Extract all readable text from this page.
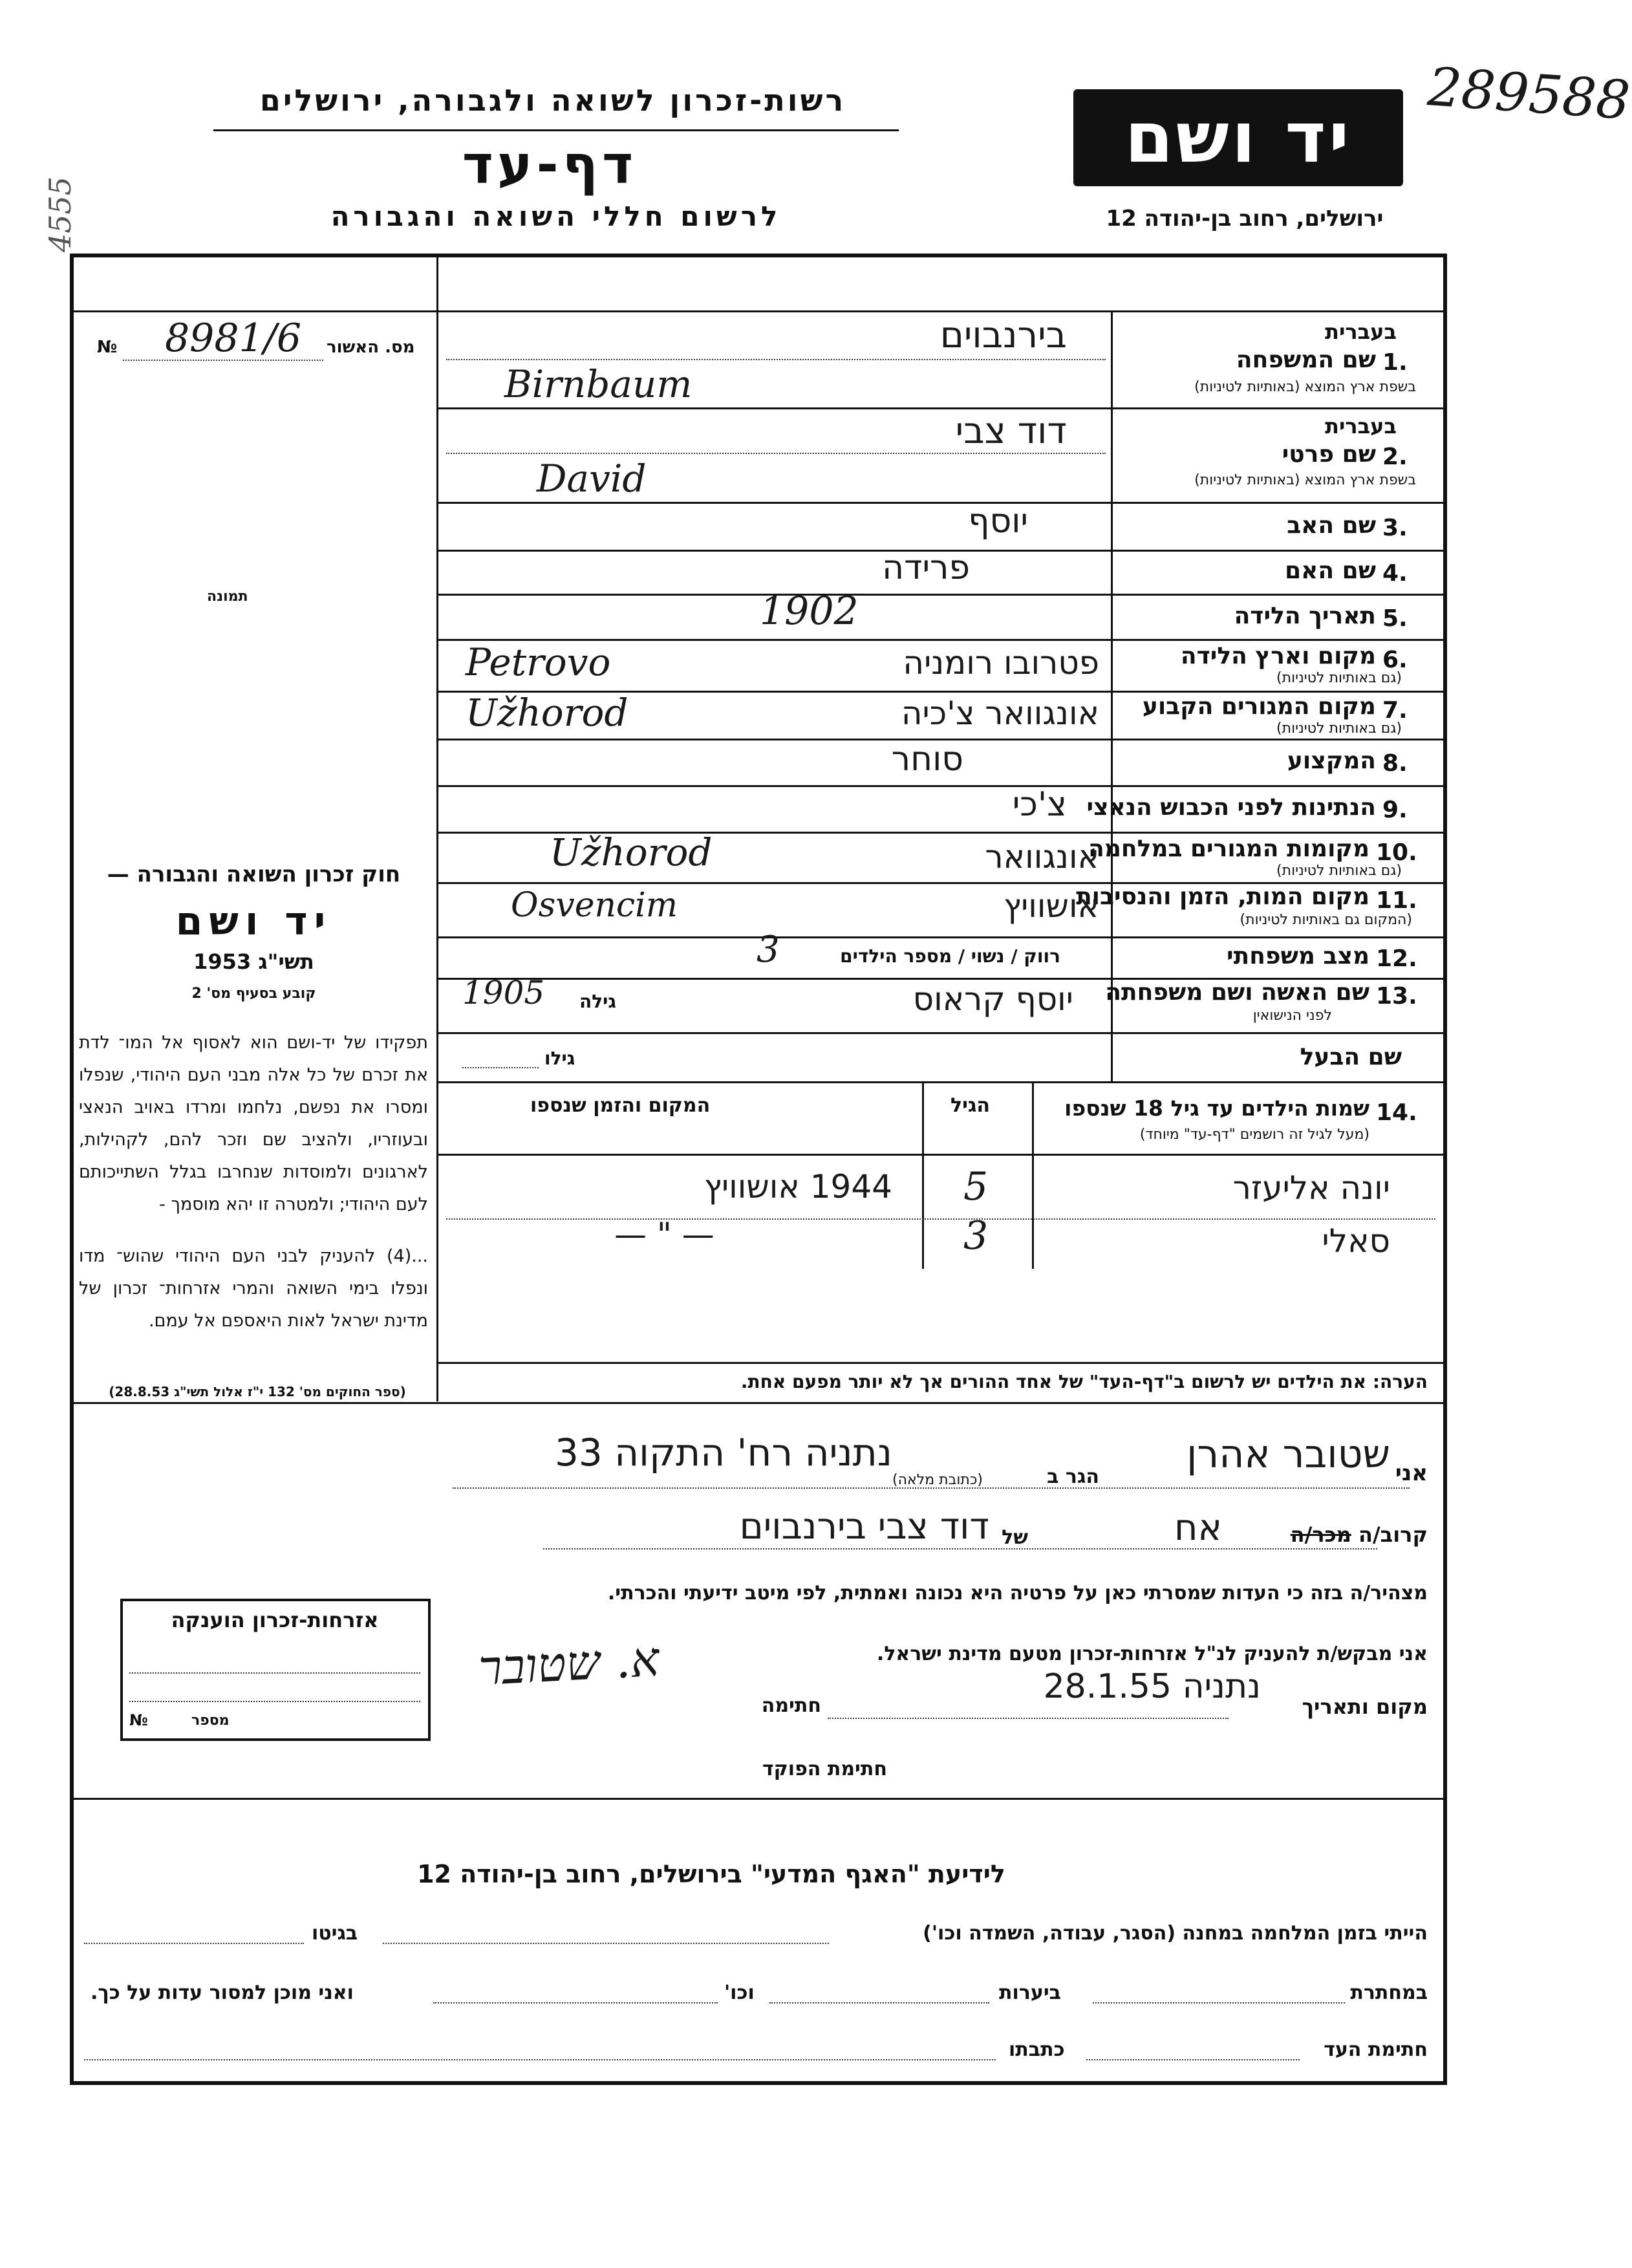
רשות-זכרון לשואה ולגבורה, ירושלים
דף-עד
לרשום חללי השואה והגבורה
יד ושם
ירושלים, רחוב בן-יהודה 12
289588
4555
מס. האשור
№ 8981/6
תמונה
בעברית
1.
שם המשפחה
בשפת ארץ המוצא (באותיות לטיניות)
בירנבוים
Birnbaum
בעברית
2.
שם פרטי
בשפת ארץ המוצא (באותיות לטיניות)
דוד צבי
David
3.
שם האב
יוסף
4.
שם האם
פרידה
5.
תאריך הלידה
1902
6.
מקום וארץ הלידה
(גם באותיות לטיניות)
פטרובו רומניה
Petrovo
7.
מקום המגורים הקבוע
(גם באותיות לטיניות)
אונגוואר צ'כיה
Užhorod
8.
המקצוע
סוחר
9.
הנתינות לפני הכבוש הנאצי
צ'כי
10.
מקומות המגורים במלחמה
(גם באותיות לטיניות)
אונגוואר
Užhorod
11.
מקום המות, הזמן והנסיבות
(המקום גם באותיות לטיניות)
אושוויץ
Osvencim
12.
מצב משפחתי
רווק / נשוי / מספר הילדים
3
13.
שם האשה ושם משפחתה
לפני הנישואין
גילה
1905	יוסף קראוס
שם הבעל
גילו
14.
שמות הילדים עד גיל 18 שנספו
(מעל לגיל זה רושמים "דף-עד" מיוחד)
הגיל
המקום והזמן שנספו
יונה אליעזר
5
1944 אושוויץ
סאלי
3
— " —
חוק זכרון השואה והגבורה —
יד ושם
תשי"ג 1953
קובע בסעיף מס' 2
תפקידו של יד-ושם הוא לאסוף אל המו־ לדת את זכרם של כל אלה מבני העם היהודי, שנפלו ומסרו את נפשם, נלחמו ומרדו באויב הנאצי ובעוזריו, ולהציב שם וזכר להם, לקהילות, לארגונים ולמוסדות שנחרבו בגלל השתייכותם לעם היהודי; ולמטרה זו יהא מוסמך -
...(4) להעניק לבני העם היהודי שהוש־ מדו ונפלו בימי השואה והמרי אזרחות־ זכרון של מדינת ישראל לאות היאספם אל עמם.
(ספר החוקים מס' 132 י"ז אלול תשי"ג 28.8.53)	הערה: את הילדים יש לרשום ב"דף-העד" של אחד ההורים אך לא יותר מפעם אחת.
אני
שטובר אהרן
הגר ב
(כתובת מלאה)
נתניה רח' התקוה 33
קרוב/ה מכר/ה
אח
של
דוד צבי בירנבוים
מצהיר/ה בזה כי העדות שמסרתי כאן על פרטיה היא נכונה ואמתית, לפי מיטב ידיעתי והכרתי.
אני מבקש/ת להעניק לנ"ל אזרחות-זכרון מטעם מדינת ישראל.
מקום ותאריך
נתניה 28.1.55
חתימה
א. שטובר
חתימת הפוקד
אזרחות-זכרון הוענקה
מספר
№
לידיעת "האגף המדעי" בירושלים, רחוב בן-יהודה 12
הייתי בזמן המלחמה במחנה (הסגר, עבודה, השמדה וכו')
בגיטו
במחתרת
ביערות
וכו'
ואני מוכן למסור עדות על כך.
חתימת העד
כתבתו
